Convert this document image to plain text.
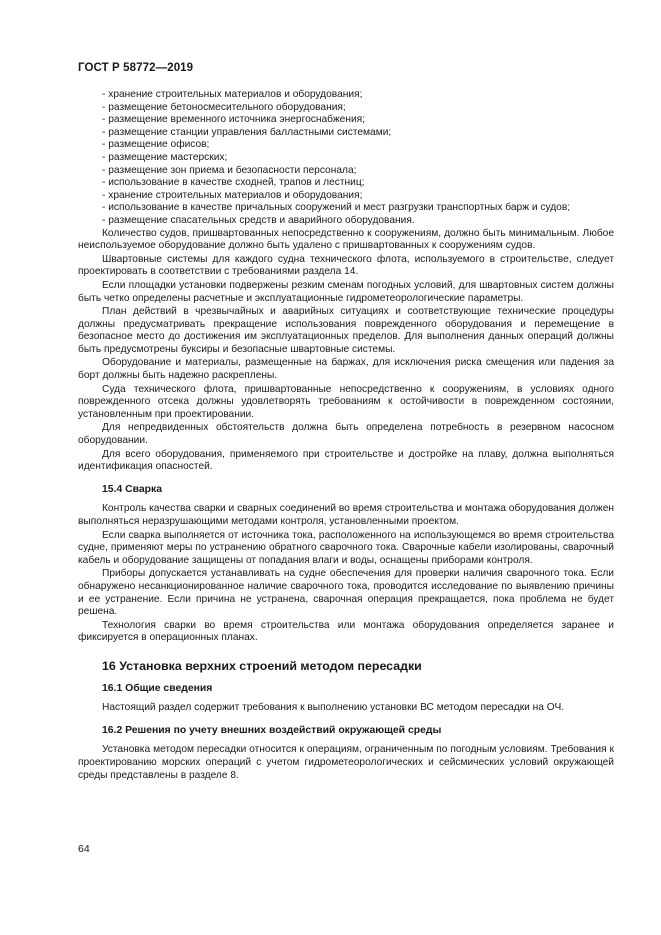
ГОСТ Р 58772—2019

- хранение строительных материалов и оборудования;

- размещение бетоносмесительного оборудования;

- размещение временного источника энергоснабжения;

- размещение станции управления балластными системами;

- размещение офисов;

- размещение мастерских;

- размещение зон приема и безопасности персонала;

- использование в качестве сходней, трапов и лестниц;

- хранение строительных материалов и оборудования;

- использование в качестве причальных сооружений и мест разгрузки транспортных барж и судов;

- размещение спасательных средств и аварийного оборудования.

Количество судов, пришвартованных непосредственно к сооружениям, должно быть минимальным. Любое неиспользуемое оборудование должно быть удалено с пришвартованных к сооружениям судов.

Швартовные системы для каждого судна технического флота, используемого в строительстве, следует проектировать в соответствии с требованиями раздела 14.

Если площадки установки подвержены резким сменам погодных условий, для швартовных систем должны быть четко определены расчетные и эксплуатационные гидрометеорологические параметры.

План действий в чрезвычайных и аварийных ситуациях и соответствующие технические процедуры должны предусматривать прекращение использования поврежденного оборудования и перемещение в безопасное место до достижения им эксплуатационных пределов. Для выполнения данных операций должны быть предусмотрены буксиры и безопасные швартовные системы.

Оборудование и материалы, размещенные на баржах, для исключения риска смещения или падения за борт должны быть надежно раскреплены.

Суда технического флота, пришвартованные непосредственно к сооружениям, в условиях одного поврежденного отсека должны удовлетворять требованиям к остойчивости в поврежденном состоянии, установленным при проектировании.

Для непредвиденных обстоятельств должна быть определена потребность в резервном насосном оборудовании.

Для всего оборудования, применяемого при строительстве и достройке на плаву, должна выполняться идентификация опасностей.

15.4 Сварка

Контроль качества сварки и сварных соединений во время строительства и монтажа оборудования должен выполняться неразрушающими методами контроля, установленными проектом.

Если сварка выполняется от источника тока, расположенного на использующемся во время строительства судне, применяют меры по устранению обратного сварочного тока. Сварочные кабели изолированы, сварочный кабель и оборудование защищены от попадания влаги и воды, оснащены приборами контроля.

Приборы допускается устанавливать на судне обеспечения для проверки наличия сварочного тока. Если обнаружено несанкционированное наличие сварочного тока, проводится исследование по выявлению причины и ее устранение. Если причина не устранена, сварочная операция прекращается, пока проблема не будет решена.

Технология сварки во время строительства или монтажа оборудования определяется заранее и фиксируется в операционных планах.

16 Установка верхних строений методом пересадки

16.1 Общие сведения

Настоящий раздел содержит требования к выполнению установки ВС методом пересадки на ОЧ.

16.2 Решения по учету внешних воздействий окружающей среды

Установка методом пересадки относится к операциям, ограниченным по погодным условиям. Требования к проектированию морских операций с учетом гидрометеорологических и сейсмических условий окружающей среды представлены в разделе 8.

64
